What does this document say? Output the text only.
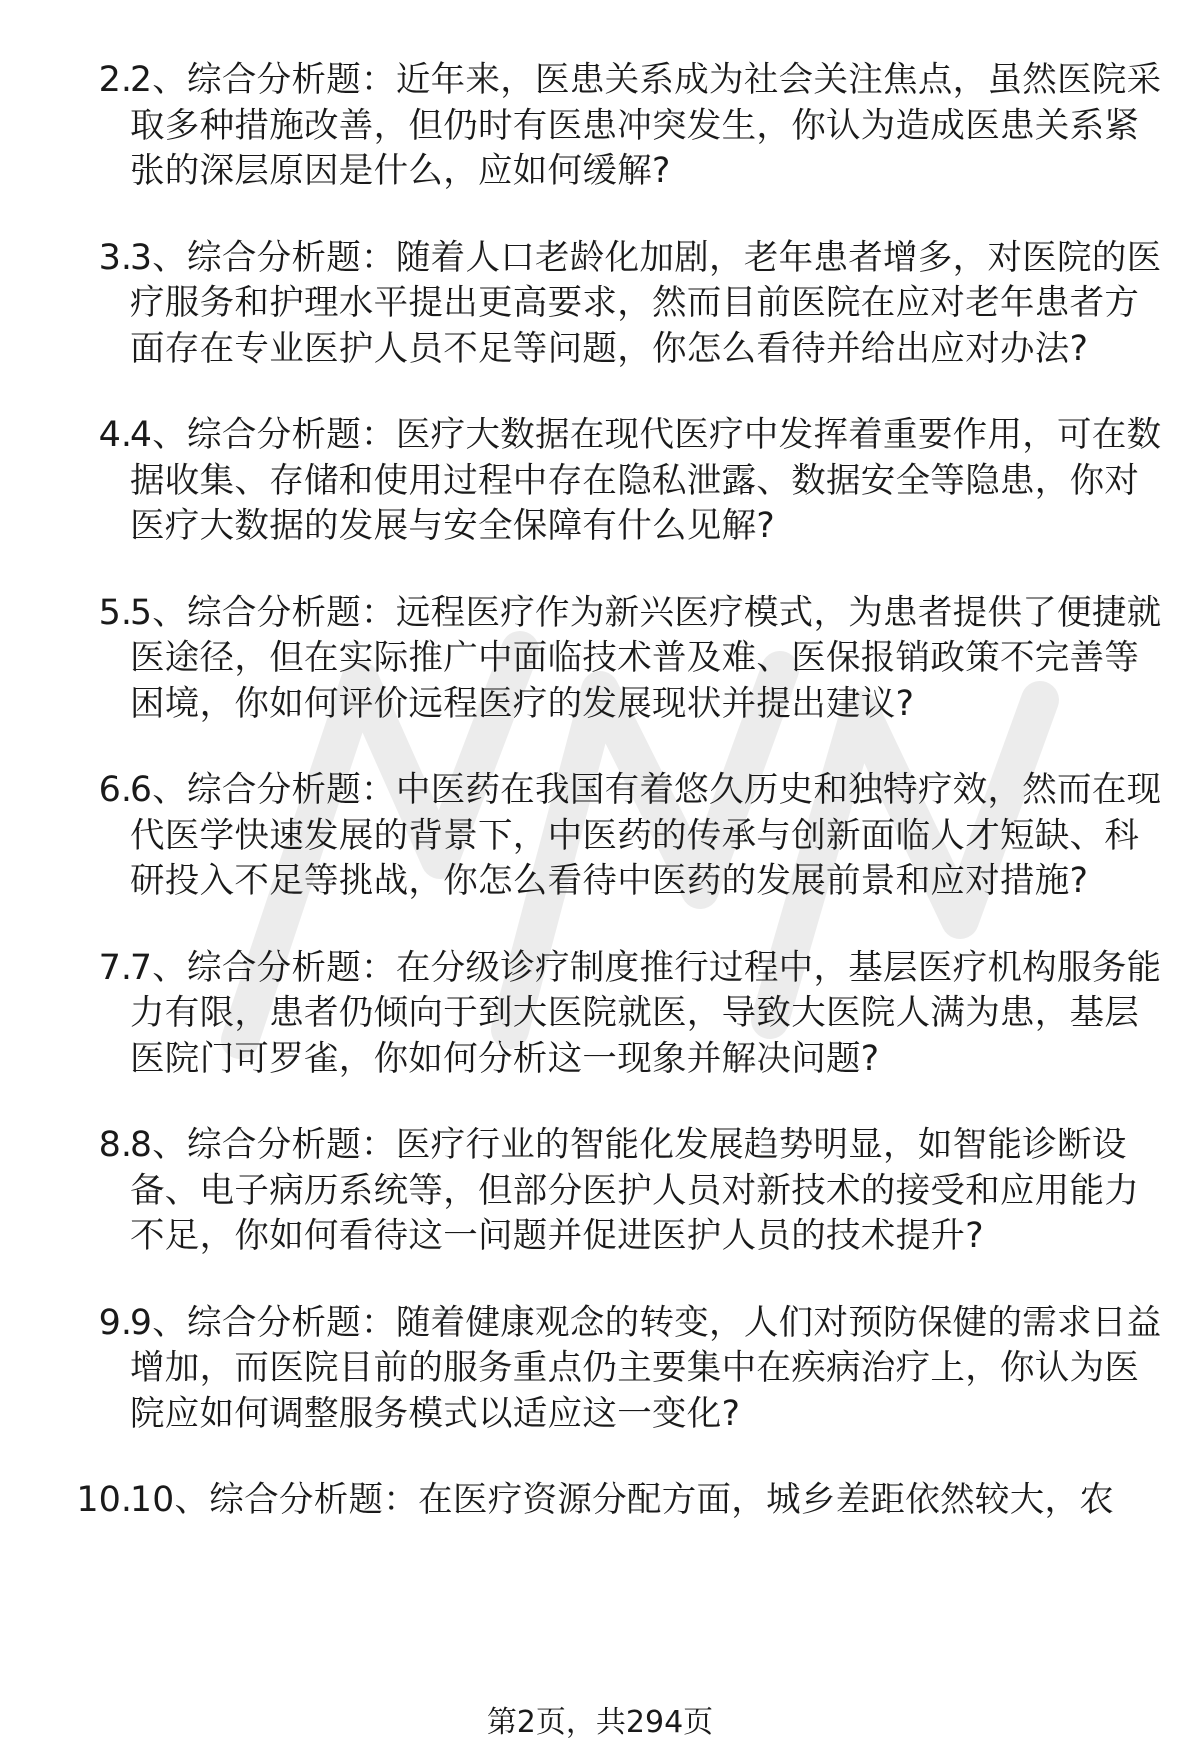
2.
2、综合分析题：近年来，医患关系成为社会关注焦点，虽然医院采取多种措施改善，但仍时有医患冲突发生，你认为造成医患关系紧张的深层原因是什么，应如何缓解?
3.
3、综合分析题：随着人口老龄化加剧，老年患者增多，对医院的医疗服务和护理水平提出更高要求，然而目前医院在应对老年患者方面存在专业医护人员不足等问题，你怎么看待并给出应对办法?
4.
4、综合分析题：医疗大数据在现代医疗中发挥着重要作用，可在数据收集、存储和使用过程中存在隐私泄露、数据安全等隐患，你对医疗大数据的发展与安全保障有什么见解?
5.
5、综合分析题：远程医疗作为新兴医疗模式，为患者提供了便捷就医途径，但在实际推广中面临技术普及难、医保报销政策不完善等困境，你如何评价远程医疗的发展现状并提出建议?
6.
6、综合分析题：中医药在我国有着悠久历史和独特疗效，然而在现代医学快速发展的背景下，中医药的传承与创新面临人才短缺、科研投入不足等挑战，你怎么看待中医药的发展前景和应对措施?
7.
7、综合分析题：在分级诊疗制度推行过程中，基层医疗机构服务能力有限，患者仍倾向于到大医院就医，导致大医院人满为患，基层医院门可罗雀，你如何分析这一现象并解决问题?
8.
8、综合分析题：医疗行业的智能化发展趋势明显，如智能诊断设备、电子病历系统等，但部分医护人员对新技术的接受和应用能力不足，你如何看待这一问题并促进医护人员的技术提升?
9.
9、综合分析题：随着健康观念的转变，人们对预防保健的需求日益增加，而医院目前的服务重点仍主要集中在疾病治疗上，你认为医院应如何调整服务模式以适应这一变化?
10.
10、综合分析题：在医疗资源分配方面，城乡差距依然较大，农
第2页，共294页
